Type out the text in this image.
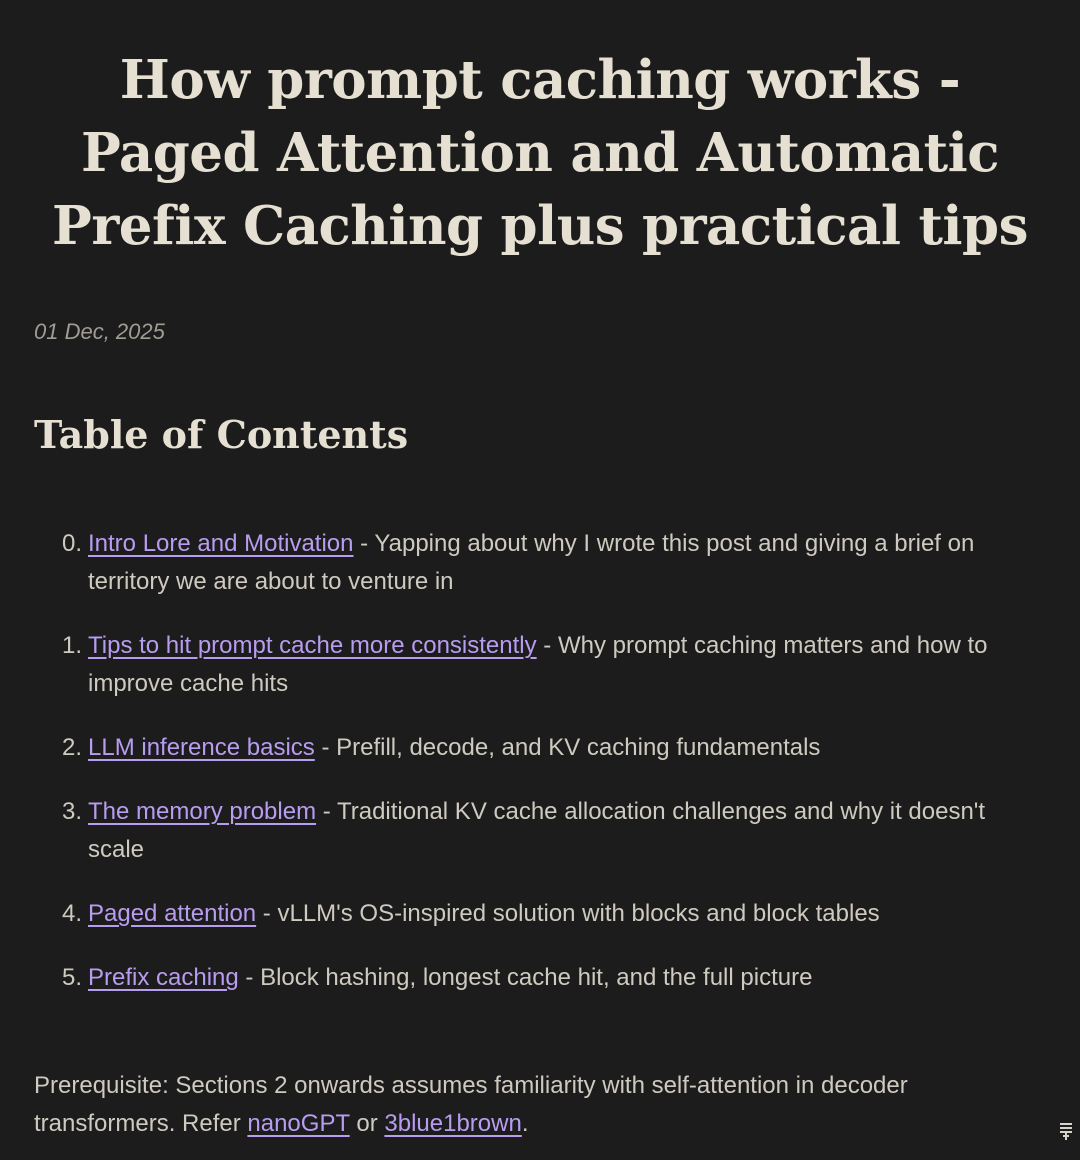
How prompt caching works - Paged Attention and Automatic Prefix Caching plus practical tips

01 Dec, 2025

Table of Contents
0. Intro Lore and Motivation - Yapping about why I wrote this post and giving a brief on territory we are about to venture in
1. Tips to hit prompt cache more consistently - Why prompt caching matters and how to improve cache hits
2. LLM inference basics - Prefill, decode, and KV caching fundamentals
3. The memory problem - Traditional KV cache allocation challenges and why it doesn't scale
4. Paged attention - vLLM's OS-inspired solution with blocks and block tables
5. Prefix caching - Block hashing, longest cache hit, and the full picture

Prerequisite: Sections 2 onwards assumes familiarity with self-attention in decoder transformers. Refer nanoGPT or 3blue1brown.
